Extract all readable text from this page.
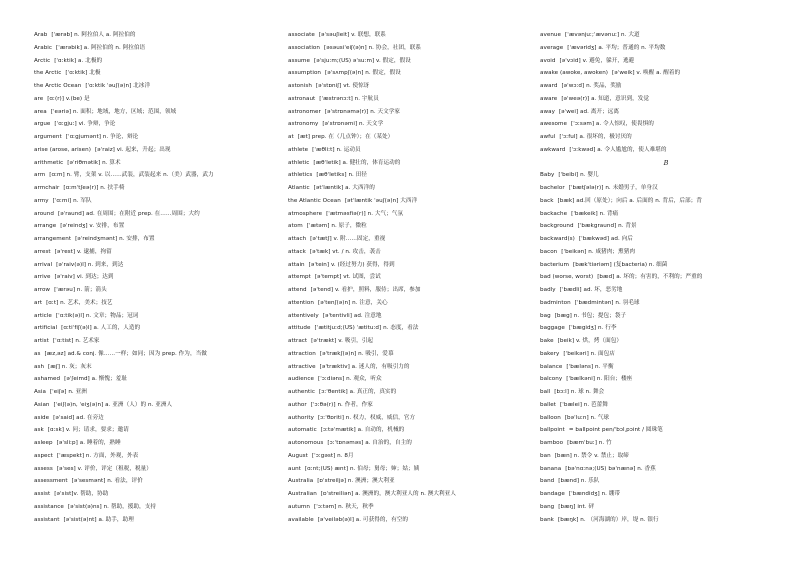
Arab [ˈærəb] n. 阿拉伯人 a. 阿拉伯的
Arabic [ˈærəbik] a. 阿拉伯的 n. 阿拉伯语
Arctic [ˈɑːktik] a. 北极的
the Arctic [ˈɑːktik] 北极
the Arctic Ocean [ˈɑːktik ˈəuʃ(ə)n] 北冰洋
are [ɑː(r)] v.(be) 是
area [ˈeəriə] n. 面积；地域，地方，区域；范围，领域
argue [ˈɑːgjuː] vi. 争辩，争论
argument [ˈɑːgjumənt] n. 争论，辩论
arise (arose, arisen) [əˈraiz] vi. 起来，升起；出现
arithmetic [əˈriθmətik] n. 算术
arm [ɑːm] n. 臂，支架 v. 以……武装，武装起来 n.（美）武器，武力
armchair [ɑːmˈtʃeə(r)] n. 扶手椅
army [ˈɑːmi] n. 军队
around [əˈraund] ad. 在周围；在附近 prep. 在……周围；大约
arrange [əˈreindʒ] v. 安排，布置
arrangement [əˈreindʒmənt] n. 安排，布置
arrest [əˈrest] v. 逮捕，拘留
arrival [əˈraiv(ə)l] n. 到来，到达
arrive [əˈraiv] vi. 到达；达到
arrow [ˈærəu] n. 箭；箭头
art [ɑːt] n. 艺术，美术；技艺
article [ˈɑːtik(ə)l] n. 文章；物品；冠词
artificial [ɑːtiˈfiʃ(ə)l] a. 人工的，人造的
artist [ˈɑːtist] n. 艺术家
as [æz,əz] ad.& conj. 像……一样；如同；因为 prep. 作为，当做
ash [æʃ] n. 灰；灰末
ashamed [əˈʃeimd] a. 惭愧；羞耻
Asia [ˈeiʃə] n. 亚洲
Asian [ˈeiʃ(ə)n, ˈeiʒ(ə)n] a. 亚洲（人）的 n. 亚洲人
aside [əˈsaid] ad. 在旁边
ask [ɑːsk] v. 问；请求，要求；邀请
asleep [əˈsliːp] a. 睡着的，熟睡
aspect [ˈæspekt] n. 方面，外观，外表
assess [əˈses] v. 评价，评定（租税，税量）
assessment [əˈsesmənt] n. 看法，评价
assist [əˈsist]v. 帮助，协助
assistance [əˈsist(ə)ns] n. 帮助，援助，支持
assistant [əˈsist(ə)nt] a. 助手，助理
associate [əˈsəuʃieit] v. 联想，联系
association [əsəusiˈeiʃ(ə)n] n. 协会，社团，联系
assume [əˈsjuːm;(US) əˈsuːm] v. 假定，假设
assumption [əˈsʌmpʃ(ə)n] n. 假定，假设
astonish [əˈstɒniʃ] vt. 使惊讶
astronaut [ˈæstrənɔːt] n. 宇航员
astronomer [əˈstrɒnəmə(r)] n. 天文学家
astronomy [əˈstrɒnəmi] n. 天文学
at [æt] prep. 在（几点钟）；在（某处）
athlete [ˈæθliːt] n. 运动员
athletic [æθˈletik] a. 健壮的，体育运动的
athletics [æθˈletiks] n. 田径
Atlantic [ətˈlæntik] a. 大西洋的
the Atlantic Ocean [ətˈlæntik ˈəuʃ(ə)n] 大西洋
atmosphere [ˈætməsfiə(r)] n. 大气；气氛
atom [ˈætəm] n. 原子，微粒
attach [əˈtætʃ] v. 附……固定，重视
attack [əˈtæk] vt. / n. 攻击，袭击
attain [əˈtein] v. (经过努力) 获得，得到
attempt [əˈtempt] vt. 试图，尝试
attend [əˈtend] v. 看护，照料，服侍；出席，参加
attention [əˈtenʃ(ə)n] n. 注意，关心
attentively [əˈtentivli] ad. 注意地
attitude [ˈætitjuːd;(US) ˈætituːd] n. 态度，看法
attract [əˈtrækt] v. 吸引，引起
attraction [əˈtrækʃ(ə)n] n. 吸引，爱慕
attractive [əˈtræktiv] a. 迷人的，有吸引力的
audience [ˈɔːdiəns] n. 观众，听众
authentic [ɔːˈθentik] a. 真正的，真实的
author [ˈɔːθə(r)] n. 作者，作家
authority [ɔːˈθɒriti] n. 权力，权威，威信，官方
automatic [ɔːtəˈmætik] a. 自动的，机械的
autonomous [ɔːˈtɒnəməs] a. 自治的，自主的
August [ˈɔːgəst] n. 8月
aunt [ɑːnt;(US) ænt] n. 伯母；舅母；婶；姑；姨
Australia [ɒˈstreiljə] n. 澳洲；澳大利亚
Australian [ɒˈstreiliən] a. 澳洲的，澳大利亚人的 n. 澳大利亚人
autumn [ˈɔːtəm] n. 秋天，秋季
available [əˈveiləb(ə)l] a. 可获得的，有空的
avenue [ˈævənjuː;ˈævənuː] n. 大道
average [ˈævəridʒ] a. 平均；普通的 n. 平均数
avoid [əˈvɔid] v. 避免，躲开，逃避
awake (awoke, awoken) [əˈweik] v. 唤醒 a. 醒着的
award [əˈwɔːd] n. 奖品，奖励
aware [əˈweə(r)] a. 知道，意识到，发觉
away [əˈwei] ad. 离开；远离
awesome [ˈɔːsəm] a. 令人惊叹，使畏惧的
awful [ˈɔːful] a. 很坏的，极讨厌的
awkward [ˈɔːkwəd] a. 令人尴尬的，使人难堪的
B
Baby [ˈbeibi] n. 婴儿
bachelor [ˈbætʃələ(r)] n. 未婚男子，单身汉
back [bæk] ad.回（原处）；向后 a. 后面的 n. 背后，后部；背
backache [ˈbækeik] n. 背痛
background [ˈbækgraund] n. 背景
backward(s) [ˈbækwəd] ad. 向后
bacon [ˈbeikən] n. 咸猪肉；熏猪肉
bacterium [bækˈtiəriəm] (复bacteria) n. 细菌
bad (worse, worst) [bæd] a. 坏的；有害的，不利的；严重的
badly [ˈbædli] ad. 坏，恶劣地
badminton [ˈbædmintən] n. 羽毛球
bag [bæg] n. 书包；提包；袋子
baggage [ˈbægidʒ] n. 行李
bake [beik] v. 烘，烤（面包）
bakery [ˈbeikəri] n. 面包店
balance [ˈbæləns] n. 平衡
balcony [ˈbælkəni] n. 阳台；楼座
ball [bɔːl] n. 球 n. 舞会
ballet [ˈbælei] n. 芭蕾舞
balloon [bəˈluːn] n. 气球
ballpoint = ballpoint pen/ˈbɔlˌpɔint / 圆珠笔
bamboo [bæmˈbuː] n. 竹
ban [bæn] n. 禁令 v. 禁止；取缔
banana [bəˈnɑːnə;(US) bəˈnænə] n. 香蕉
band [bænd] n. 乐队
bandage [ˈbændidʒ] n. 绷带
bang [bæŋ] int. 砰
bank [bæŋk] n. （河海湖的）岸，堤 n. 银行
